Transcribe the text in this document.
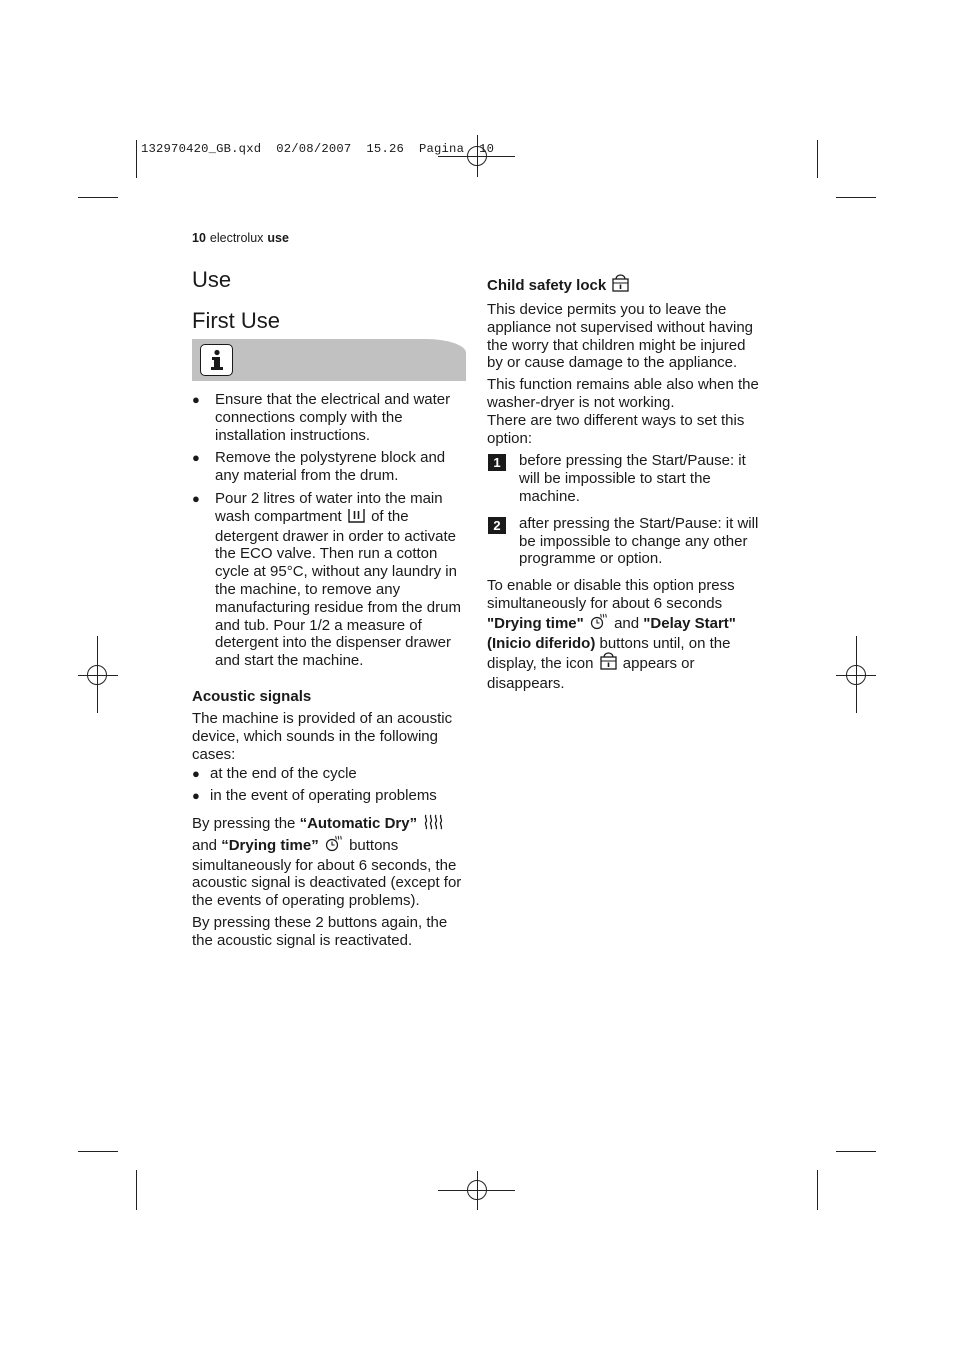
132970420_GB.qxd  02/08/2007  15.26  Pagina  10
10 electrolux use
Use
First Use
● Ensure that the electrical and water connections comply with the installation instructions.
● Remove the polystyrene block and any material from the drum.
● Pour 2 litres of water into the main wash compartment of the detergent drawer in order to activate the ECO valve. Then run a cotton cycle at 95°C, without any laundry in the machine, to remove any manufacturing residue from the drum and tub. Pour 1/2 a measure of detergent into the dispenser drawer and start the machine.
Acoustic signals

The machine is provided of an acoustic device, which sounds in the following cases:

● at the end of the cycle
● in the event of operating problems

By pressing the “Automatic Dry”  and “Drying time” buttons simultaneously for about 6 seconds, the acoustic signal is deactivated (except for the events of operating problems).

By pressing these 2 buttons again, the the acoustic signal is reactivated.

Child safety lock

This device permits you to leave the appliance not supervised without having the worry that children might be injured by or cause damage to the appliance.

This function remains able also when the washer-dryer is not working.

There are two different ways to set this option:

1	before pressing the Start/Pause: it will be impossible to start the machine.
2	after pressing the Start/Pause: it will be impossible to change any other programme or option.

To enable or disable this option press simultaneously for about 6 seconds "Drying time" and "Delay Start" (Inicio diferido) buttons until, on the display, the icon appears or disappears.
